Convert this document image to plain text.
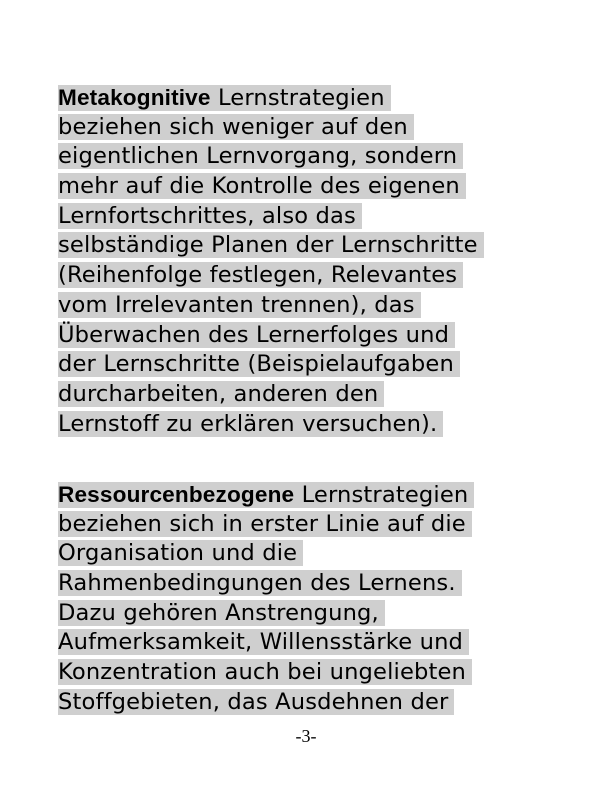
Metakognitive Lernstrategien
beziehen sich weniger auf den
eigentlichen Lernvorgang, sondern
mehr auf die Kontrolle des eigenen
Lernfortschrittes, also das
selbständige Planen der Lernschritte
(Reihenfolge festlegen, Relevantes
vom Irrelevanten trennen), das
Überwachen des Lernerfolges und
der Lernschritte (Beispielaufgaben
durcharbeiten, anderen den
Lernstoff zu erklären versuchen).
Ressourcenbezogene Lernstrategien
beziehen sich in erster Linie auf die
Organisation und die
Rahmenbedingungen des Lernens.
Dazu gehören Anstrengung,
Aufmerksamkeit, Willensstärke und
Konzentration auch bei ungeliebten
Stoffgebieten, das Ausdehnen der
-3-
